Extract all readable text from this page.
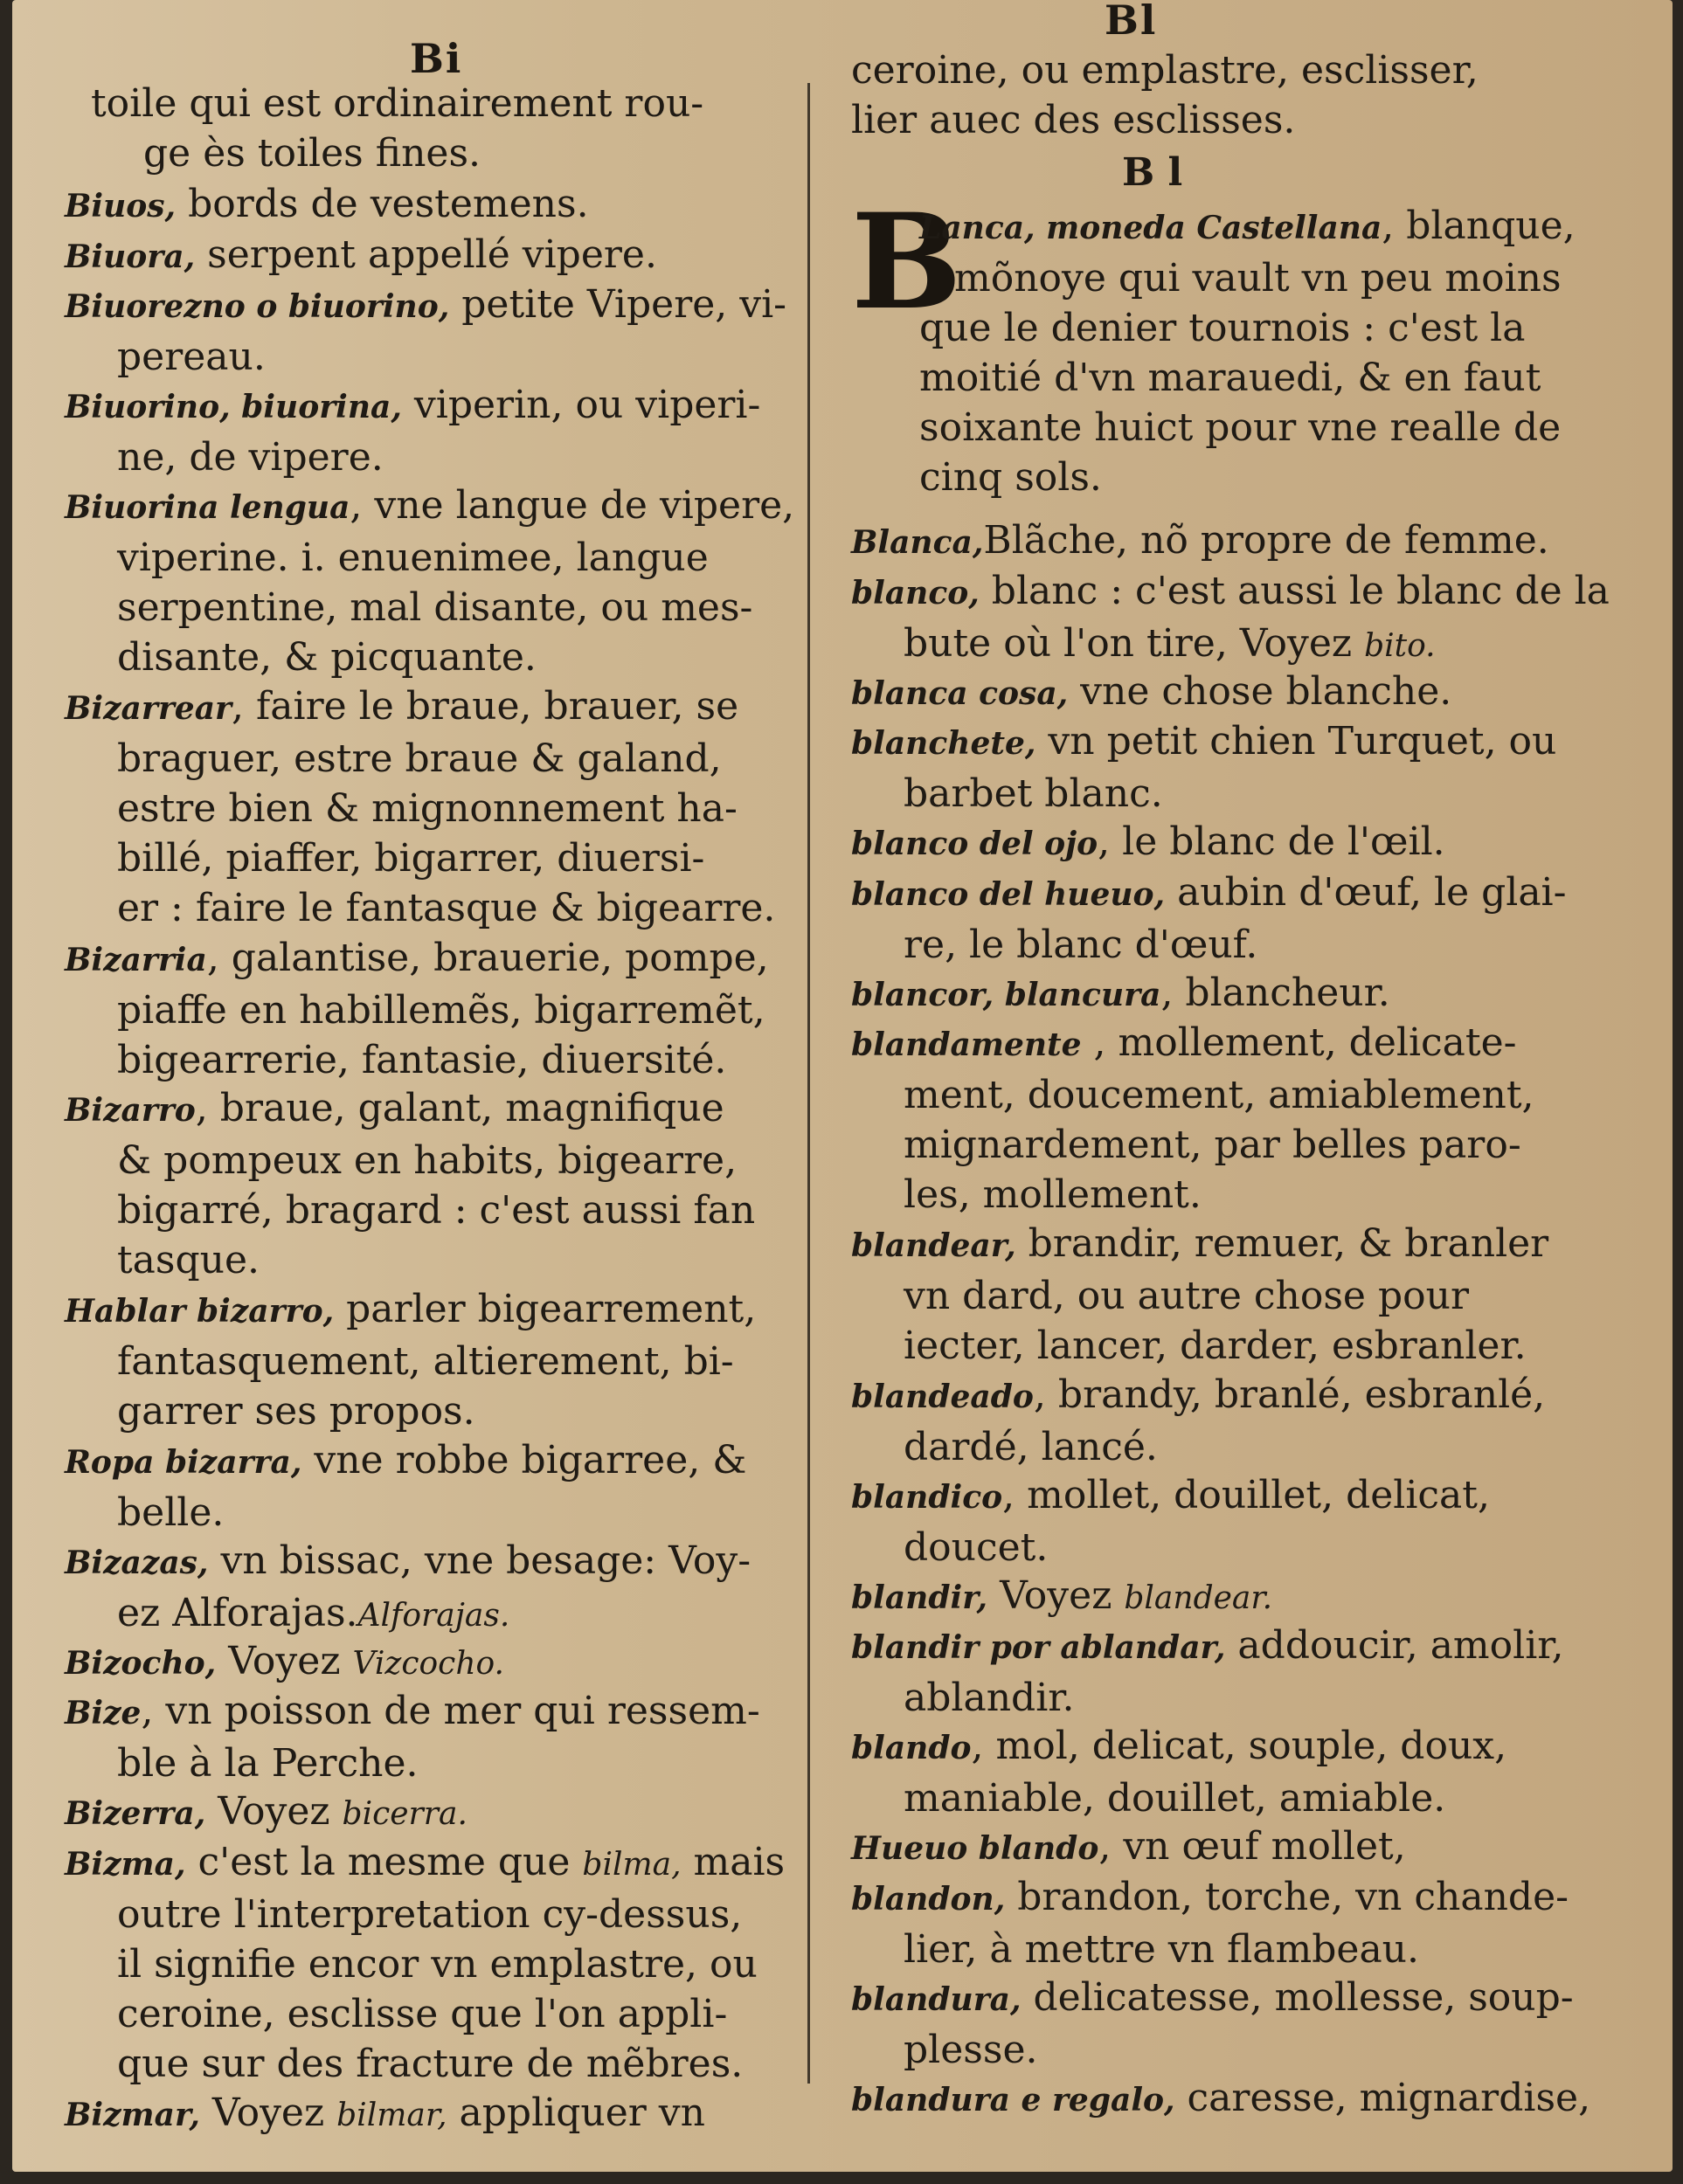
Bi
toile qui est ordinairement rou-
ge ès toiles fines.
Biuos, bords de vestemens.
Biuora, serpent appellé vipere.
Biuorezno o biuorino, petite Vipere, vi-
pereau.
Biuorino, biuorina, viperin, ou viperi-
ne, de vipere.
Biuorina lengua, vne langue de vipere,
viperine. i. enuenimee, langue
serpentine, mal disante, ou mes-
disante, & picquante.
Bizarrear, faire le braue, brauer, se
braguer, estre braue & galand,
estre bien & mignonnement ha-
billé, piaffer, bigarrer, diuersi-
er : faire le fantasque & bigearre.
Bizarria, galantise, brauerie, pompe,
piaffe en habillemẽs, bigarremẽt,
bigearrerie, fantasie, diuersité.
Bizarro, braue, galant, magnifique
& pompeux en habits, bigearre,
bigarré, bragard : c'est aussi fan
tasque.
Hablar bizarro, parler bigearrement,
fantasquement, altierement, bi-
garrer ses propos.
Ropa bizarra, vne robbe bigarree, &
belle.
Bizazas, vn bissac, vne besage: Voy-
ez Alforajas.Alforajas.
Bizocho, Voyez Vizcocho.
Bize, vn poisson de mer qui ressem-
ble à la Perche.
Bizerra, Voyez bicerra.
Bizma, c'est la mesme que bilma, mais
outre l'interpretation cy-dessus,
il signifie encor vn emplastre, ou
ceroine, esclisse que l'on appli-
que sur des fracture de mẽbres.
Bizmar, Voyez bilmar, appliquer vn
Bl
ceroine, ou emplastre, esclisser,
lier auec des esclisses.
B l
B
Lanca, moneda Castellana, blanque,
mõnoye qui vault vn peu moins
que le denier tournois : c'est la
moitié d'vn marauedi, & en faut
soixante huict pour vne realle de
cinq sols.
Blanca,Blãche, nõ propre de femme.
blanco, blanc : c'est aussi le blanc de la
bute où l'on tire, Voyez bito.
blanca cosa, vne chose blanche.
blanchete, vn petit chien Turquet, ou
barbet blanc.
blanco del ojo, le blanc de l'œil.
blanco del hueuo, aubin d'œuf, le glai-
re, le blanc d'œuf.
blancor, blancura, blancheur.
blandamente , mollement, delicate-
ment, doucement, amiablement,
mignardement, par belles paro-
les, mollement.
blandear, brandir, remuer, & branler
vn dard, ou autre chose pour
iecter, lancer, darder, esbranler.
blandeado, brandy, branlé, esbranlé,
dardé, lancé.
blandico, mollet, douillet, delicat,
doucet.
blandir, Voyez blandear.
blandir por ablandar, addoucir, amolir,
ablandir.
blando, mol, delicat, souple, doux,
maniable, douillet, amiable.
Hueuo blando, vn œuf mollet,
blandon, brandon, torche, vn chande-
lier, à mettre vn flambeau.
blandura, delicatesse, mollesse, soup-
plesse.
blandura e regalo, caresse, mignardise,
